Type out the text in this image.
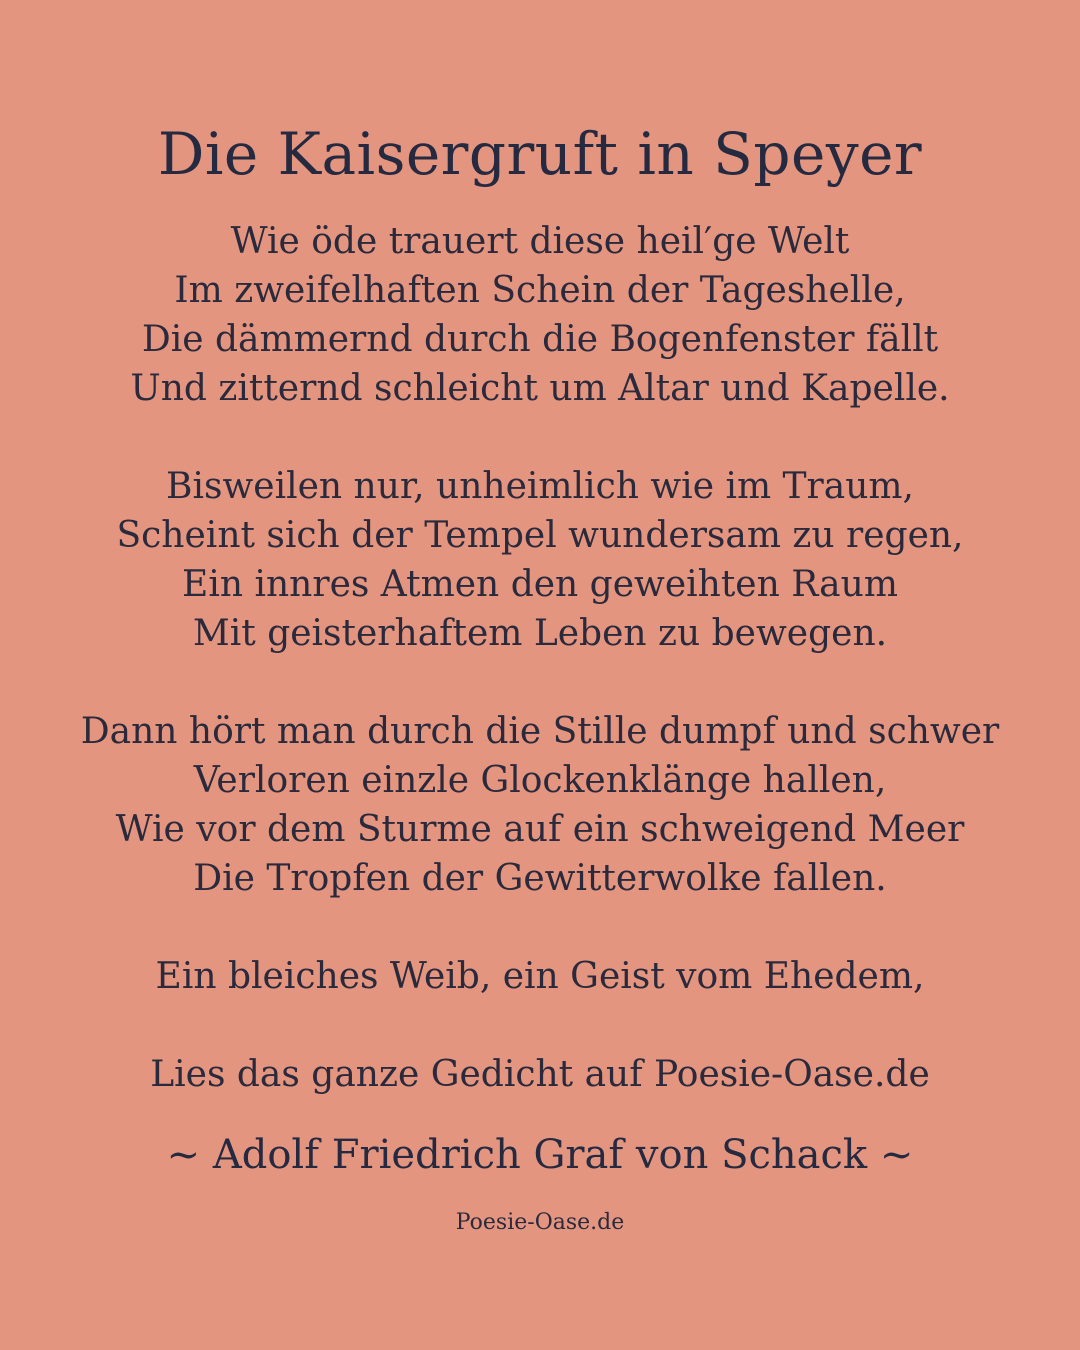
Die Kaisergruft in Speyer
Wie öde trauert diese heil′ge Welt
Im zweifelhaften Schein der Tageshelle,
Die dämmernd durch die Bogenfenster fällt
Und zitternd schleicht um Altar und Kapelle.
Bisweilen nur, unheimlich wie im Traum,
Scheint sich der Tempel wundersam zu regen,
Ein innres Atmen den geweihten Raum
Mit geisterhaftem Leben zu bewegen.
Dann hört man durch die Stille dumpf und schwer
Verloren einzle Glockenklänge hallen,
Wie vor dem Sturme auf ein schweigend Meer
Die Tropfen der Gewitterwolke fallen.
Ein bleiches Weib, ein Geist vom Ehedem,
Lies das ganze Gedicht auf Poesie-Oase.de
~ Adolf Friedrich Graf von Schack ~
Poesie-Oase.de
